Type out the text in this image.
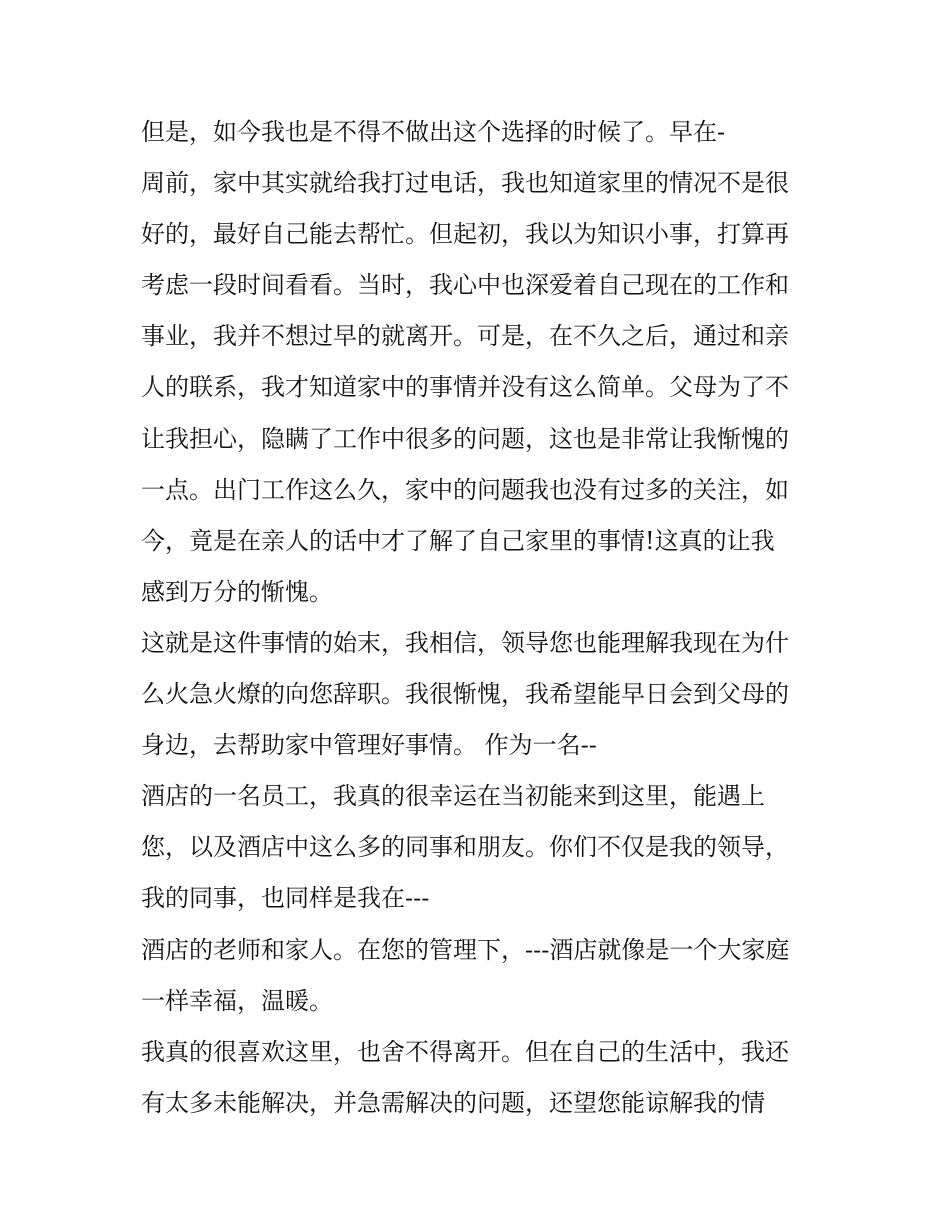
但是，如今我也是不得不做出这个选择的时候了。早在-
周前，家中其实就给我打过电话，我也知道家里的情况不是很
好的，最好自己能去帮忙。但起初，我以为知识小事，打算再
考虑一段时间看看。当时，我心中也深爱着自己现在的工作和
事业，我并不想过早的就离开。可是，在不久之后，通过和亲
人的联系，我才知道家中的事情并没有这么简单。父母为了不
让我担心，隐瞒了工作中很多的问题，这也是非常让我惭愧的
一点。出门工作这么久，家中的问题我也没有过多的关注，如
今，竟是在亲人的话中才了解了自己家里的事情!这真的让我
感到万分的惭愧。
这就是这件事情的始末，我相信，领导您也能理解我现在为什
么火急火燎的向您辞职。我很惭愧，我希望能早日会到父母的
身边，去帮助家中管理好事情。 作为一名--
酒店的一名员工，我真的很幸运在当初能来到这里，能遇上
您，以及酒店中这么多的同事和朋友。你们不仅是我的领导，
我的同事，也同样是我在---
酒店的老师和家人。在您的管理下，---酒店就像是一个大家庭
一样幸福，温暖。
我真的很喜欢这里，也舍不得离开。但在自己的生活中，我还
有太多未能解决，并急需解决的问题，还望您能谅解我的情
